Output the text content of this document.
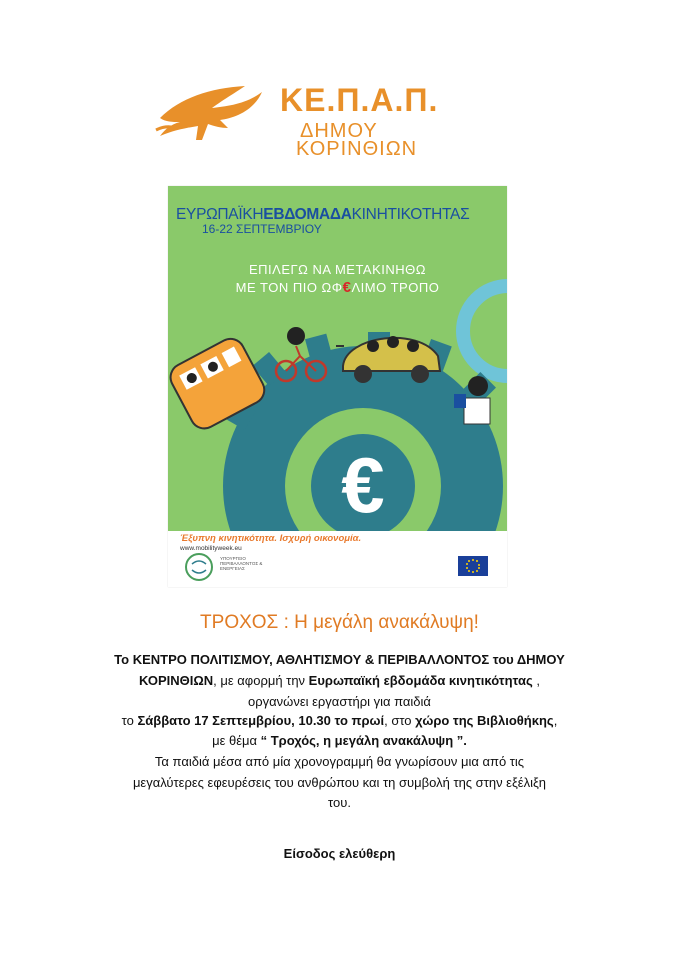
ΚΕ.Π.Α.Π.
ΔΗΜΟΥ
ΚΟΡΙΝΘΙΩΝ
€
ΕΥΡΩΠΑΪΚΗΕΒΔΟΜΑΔΑΚΙΝΗΤΙΚΟΤΗΤΑΣ
16-22 ΣΕΠΤΕΜΒΡΙΟΥ
ΕΠΙΛΕΓΩ ΝΑ ΜΕΤΑΚΙΝΗΘΩ
ΜΕ ΤΟΝ ΠΙΟ ΩΦ€ΛΙΜΟ ΤΡΟΠΟ
Έξυπνη κινητικότητα. Ισχυρή οικονομία.
www.mobilityweek.eu
ΥΠΟΥΡΓΕΙΟ ΠΕΡΙΒΑΛΛΟΝΤΟΣ & ΕΝΕΡΓΕΙΑΣ
ΤΡΟΧΟΣ : Η μεγάλη ανακάλυψη!
Το ΚΕΝΤΡΟ ΠΟΛΙΤΙΣΜΟΥ, ΑΘΛΗΤΙΣΜΟΥ & ΠΕΡΙΒΑΛΛΟΝΤΟΣ του ΔΗΜΟΥ
ΚΟΡΙΝΘΙΩΝ, με αφορμή την Ευρωπαϊκή εβδομάδα κινητικότητας ,
οργανώνει εργαστήρι για παιδιά
το Σάββατο 17 Σεπτεμβρίου, 10.30 το πρωί, στο χώρο της Βιβλιοθήκης,
με θέμα “ Τροχός, η μεγάλη ανακάλυψη ”.
Τα παιδιά μέσα από μία χρονογραμμή θα γνωρίσουν μια από τις
μεγαλύτερες εφευρέσεις του ανθρώπου και τη συμβολή της στην εξέλιξη
του.
Είσοδος ελεύθερη
